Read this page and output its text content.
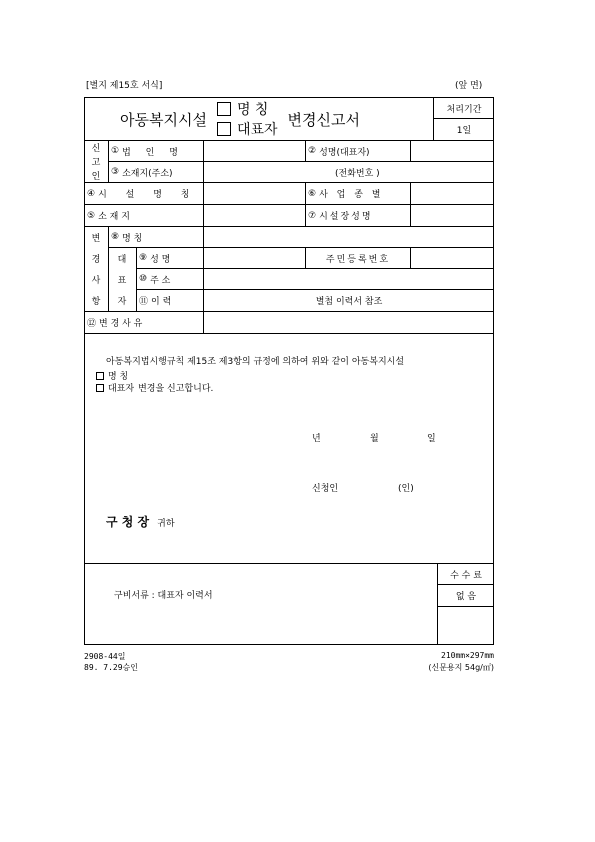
[별지 제15호 서식]	(앞 면)
아동복지시설
명 칭
대표자
변경신고서
처리기간
1일
신
고
인
① 법 인 명	② 성명(대표자)
③ 소재지(주소)	(전화번호 )
④ 시 설 명 칭	⑥ 사 업 종 별
⑤ 소 재 지	⑦ 시설장성명
변
경
사
항
⑧ 명 칭
대
표
자
⑨ 성 명	주민등록번호
⑩ 주 소
⑪ 이 력	별첨 이력서 참조
⑫ 변 경 사 유
아동복지법시행규칙 제15조 제3항의 규정에 의하여 위와 같이 아동복지시설
명 칭
대표자 변경을 신고합니다.
년	월	일
신청인	(인)
구 청 장 귀하
수 수 료
없 음
구비서류 : 대표자 이력서
2908-44일
89. 7.29승인
210mm×297mm
(신문용지 54g/㎡)
